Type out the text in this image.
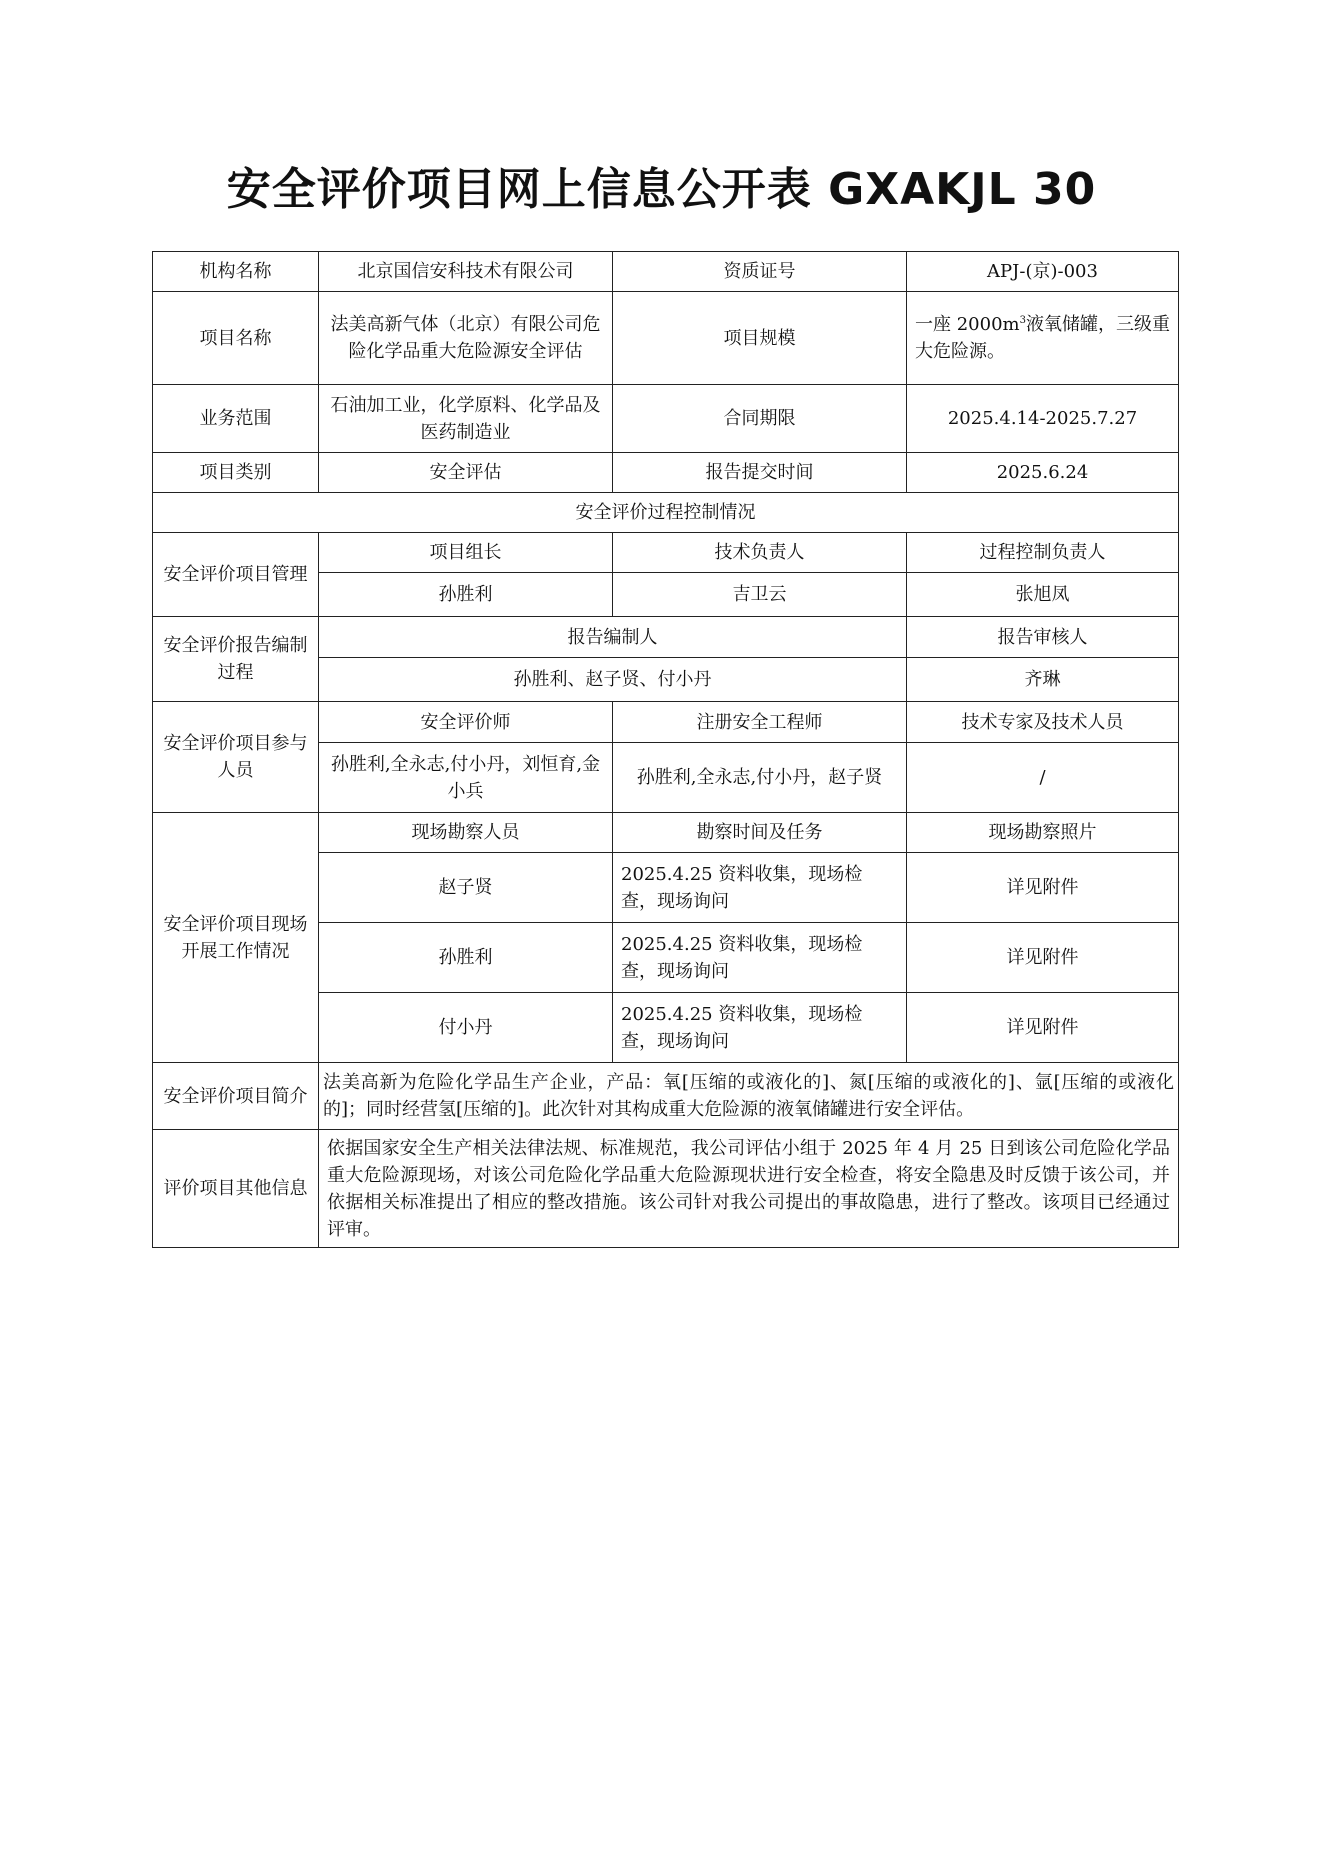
安全评价项目网上信息公开表 GXAKJL 30
机构名称	北京国信安科技术有限公司	资质证号	APJ-(京)-003
项目名称	法美高新气体（北京）有限公司危险化学品重大危险源安全评估	项目规模	一座 $2000m^3$液氧储罐，三级重大危险源。
业务范围	石油加工业，化学原料、化学品及医药制造业	合同期限	2025.4.14-2025.7.27
项目类别	安全评估	报告提交时间	2025.6.24
安全评价过程控制情况			
安全评价项目管理	项目组长	技术负责人	过程控制负责人
	孙胜利	吉卫云	张旭凤
安全评价报告编制过程	报告编制人		报告审核人
	孙胜利、赵子贤、付小丹		齐琳
安全评价项目参与人员	安全评价师	注册安全工程师	技术专家及技术人员
	孙胜利,全永志,付小丹，刘恒育,金小兵	孙胜利,全永志,付小丹，赵子贤	/
安全评价项目现场开展工作情况	现场勘察人员	勘察时间及任务	现场勘察照片
	赵子贤	2025.4.25 资料收集，现场检查，现场询问	详见附件
	孙胜利	2025.4.25 资料收集，现场检查，现场询问	详见附件
	付小丹	2025.4.25 资料收集，现场检查，现场询问	详见附件
安全评价项目简介	法美高新为危险化学品生产企业，产品：氧[压缩的或液化的]、氮[压缩的或液化的]、氩[压缩的或液化的]；同时经营氢[压缩的]。此次针对其构成重大危险源的液氧储罐进行安全评估。		
评价项目其他信息	依据国家安全生产相关法律法规、标准规范，我公司评估小组于 2025 年 4 月 25 日到该公司危险化学品重大危险源现场，对该公司危险化学品重大危险源现状进行安全检查，将安全隐患及时反馈于该公司，并依据相关标准提出了相应的整改措施。该公司针对我公司提出的事故隐患，进行了整改。该项目已经通过评审。		
